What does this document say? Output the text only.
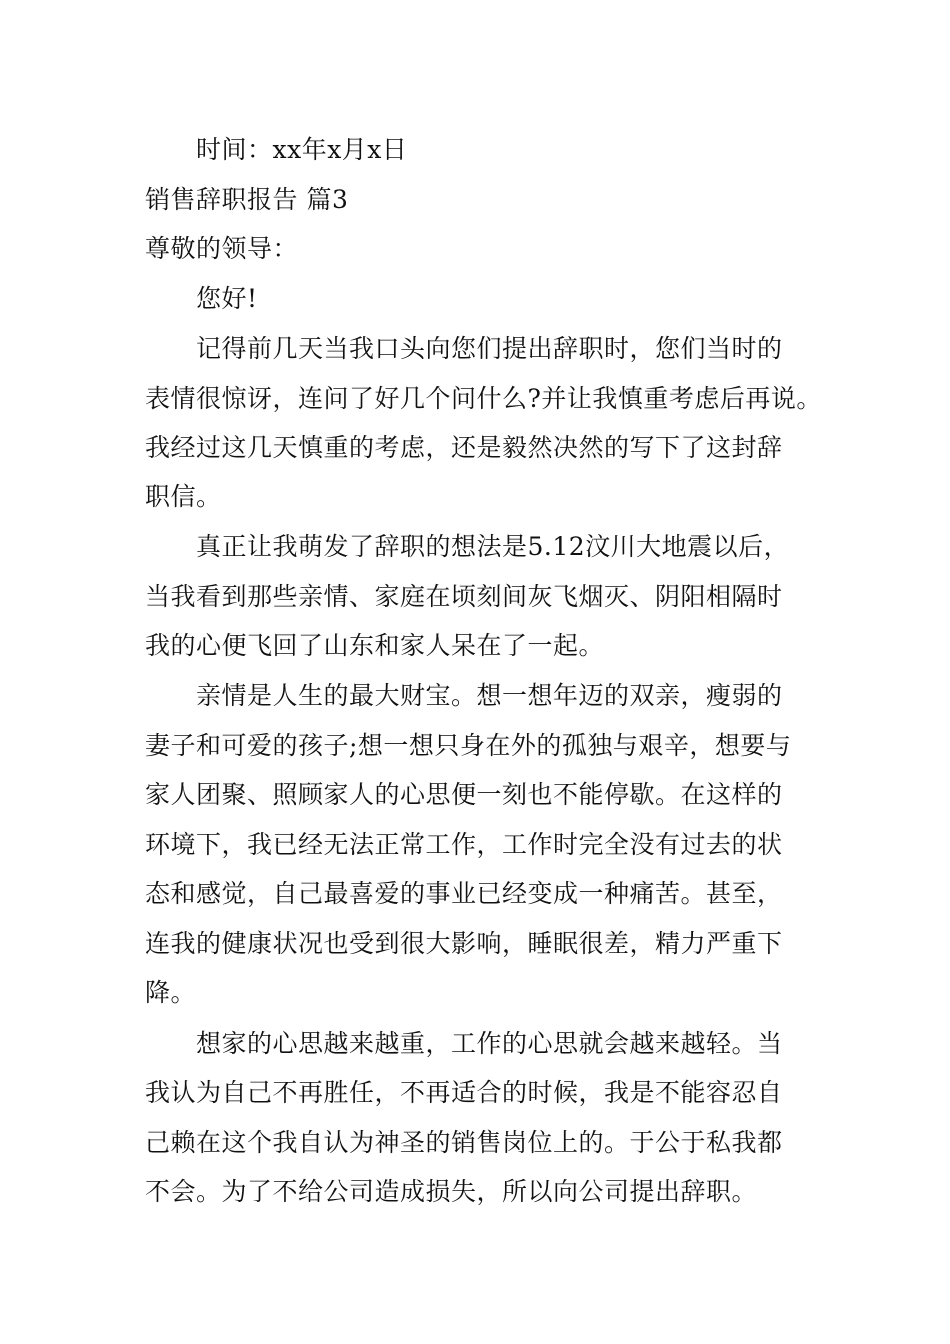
时间：xx年x月x日
销售辞职报告 篇3
尊敬的领导：
您好!
记得前几天当我口头向您们提出辞职时，您们当时的
表情很惊讶，连问了好几个问什么?并让我慎重考虑后再说。
我经过这几天慎重的考虑，还是毅然决然的写下了这封辞
职信。
真正让我萌发了辞职的想法是5.12汶川大地震以后，
当我看到那些亲情、家庭在顷刻间灰飞烟灭、阴阳相隔时
我的心便飞回了山东和家人呆在了一起。
亲情是人生的最大财宝。想一想年迈的双亲，瘦弱的
妻子和可爱的孩子;想一想只身在外的孤独与艰辛，想要与
家人团聚、照顾家人的心思便一刻也不能停歇。在这样的
环境下，我已经无法正常工作，工作时完全没有过去的状
态和感觉，自己最喜爱的事业已经变成一种痛苦。甚至，
连我的健康状况也受到很大影响，睡眠很差，精力严重下
降。
想家的心思越来越重，工作的心思就会越来越轻。当
我认为自己不再胜任，不再适合的时候，我是不能容忍自
己赖在这个我自认为神圣的销售岗位上的。于公于私我都
不会。为了不给公司造成损失，所以向公司提出辞职。
